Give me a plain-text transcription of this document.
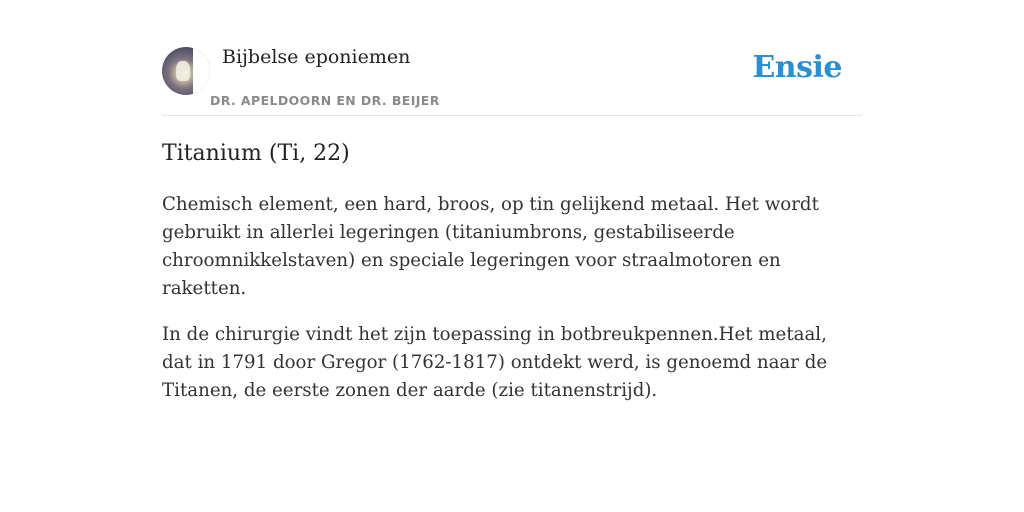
Bijbelse eponiemen
DR. APELDOORN EN DR. BEIJER
Ensie
Titanium (Ti, 22)

Chemisch element, een hard, broos, op tin gelijkend metaal. Het wordt gebruikt in allerlei legeringen (titaniumbrons, gestabiliseerde chroomnikkelstaven) en speciale legeringen voor straalmotoren en raketten.

In de chirurgie vindt het zijn toepassing in botbreukpennen.Het metaal, dat in 1791 door Gregor (1762-1817) ontdekt werd, is genoemd naar de Titanen, de eerste zonen der aarde (zie titanenstrijd).
